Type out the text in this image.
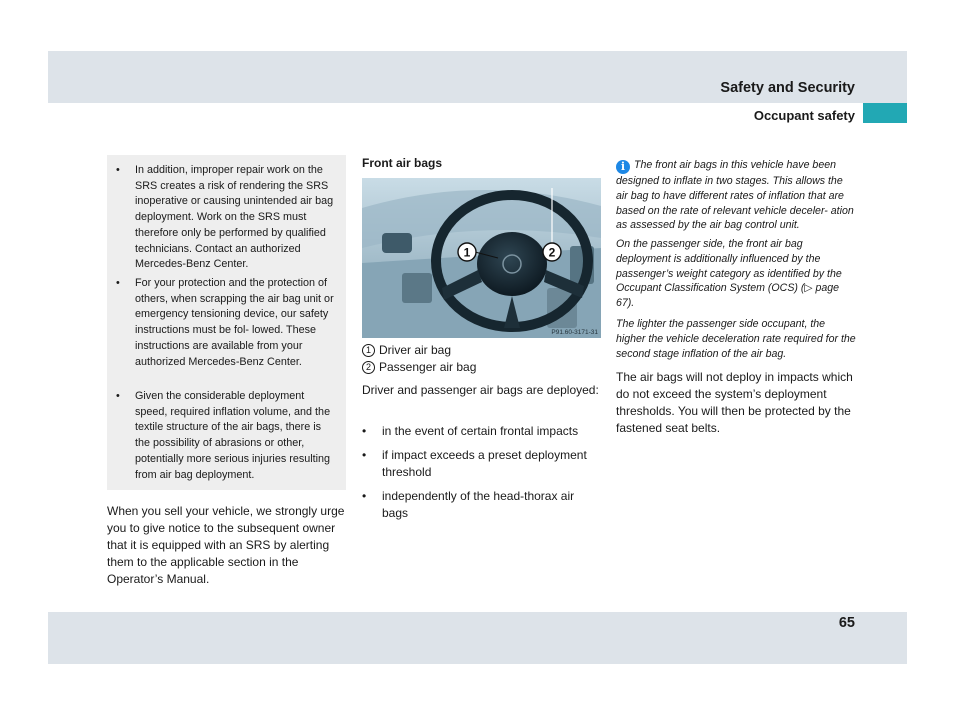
Safety and Security
Occupant safety
• In addition, improper repair work on the SRS creates a risk of rendering the SRS inoperative or causing unintended air bag deployment. Work on the SRS must therefore only be performed by qualified technicians. Contact an authorized Mercedes-Benz Center.
• For your protection and the protection of others, when scrapping the air bag unit or emergency tensioning device, our safety instructions must be fol- lowed. These instructions are available from your authorized Mercedes-Benz Center.
• Given the considerable deployment speed, required inflation volume, and the textile structure of the air bags, there is the possibility of abrasions or other, potentially more serious injuries resulting from air bag deployment.
When you sell your vehicle, we strongly urge you to give notice to the subsequent owner that it is equipped with an SRS by alerting them to the applicable section in the Operator’s Manual.
Front air bags
1	2
P91.60-3171-31
1 Driver air bag
2 Passenger air bag
Driver and passenger air bags are deployed:
• in the event of certain frontal impacts
• if impact exceeds a preset deployment threshold
• independently of the head-thorax air bags
iThe front air bags in this vehicle have been designed to inflate in two stages. This allows the air bag to have different rates of inflation that are based on the rate of relevant vehicle deceler- ation as assessed by the air bag control unit.
On the passenger side, the front air bag deployment is additionally influenced by the passenger’s weight category as identified by the Occupant Classification System (OCS) (▷ page 67).
The lighter the passenger side occupant, the higher the vehicle deceleration rate required for the second stage inflation of the air bag.
The air bags will not deploy in impacts which do not exceed the system’s deployment thresholds. You will then be protected by the fastened seat belts.
65
